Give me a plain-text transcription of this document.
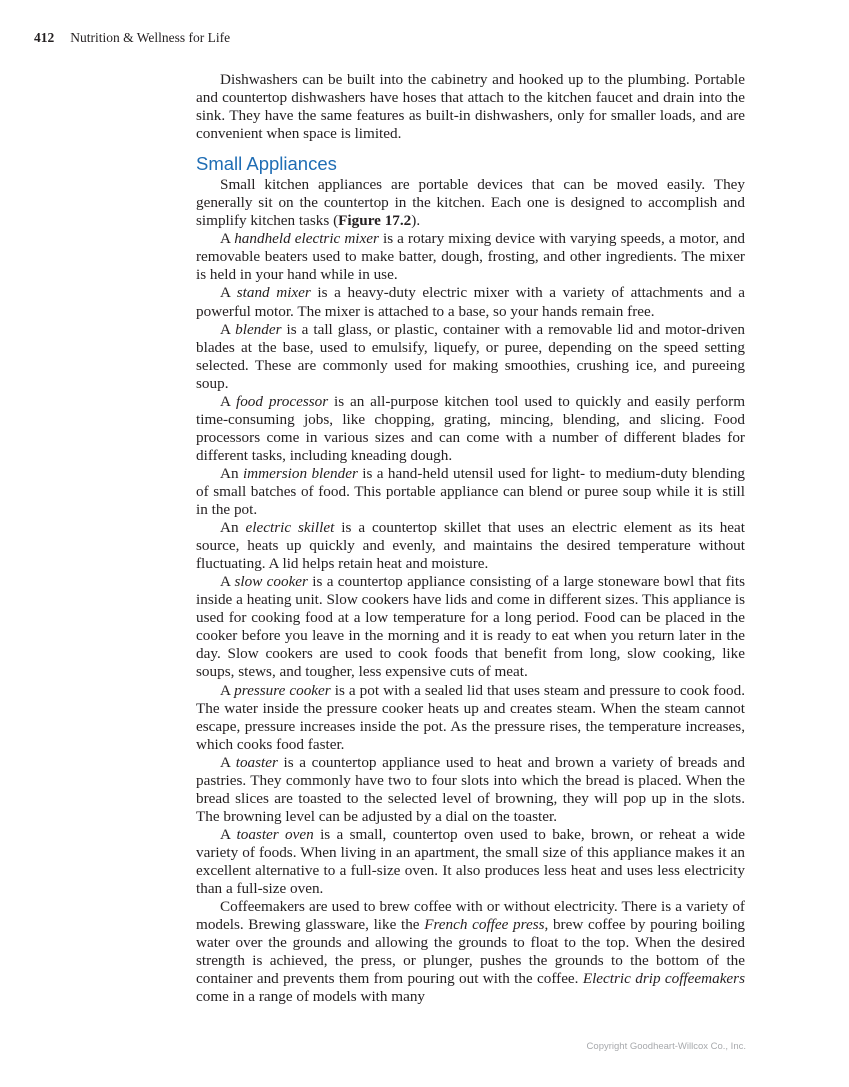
412 Nutrition & Wellness for Life

Dishwashers can be built into the cabinetry and hooked up to the plumbing. Portable and countertop dishwashers have hoses that attach to the kitchen faucet and drain into the sink. They have the same features as built-in dishwashers, only for smaller loads, and are convenient when space is limited.

Small Appliances

Small kitchen appliances are portable devices that can be moved easily. They generally sit on the countertop in the kitchen. Each one is designed to accomplish and simplify kitchen tasks (Figure 17.2).

A handheld electric mixer is a rotary mixing device with varying speeds, a motor, and removable beaters used to make batter, dough, frosting, and other ingredients. The mixer is held in your hand while in use.

A stand mixer is a heavy-duty electric mixer with a variety of attachments and a powerful motor. The mixer is attached to a base, so your hands remain free.

A blender is a tall glass, or plastic, container with a removable lid and motor-driven blades at the base, used to emulsify, liquefy, or puree, depending on the speed setting selected. These are commonly used for making smoothies, crushing ice, and pureeing soup.

A food processor is an all-purpose kitchen tool used to quickly and easily perform time-consuming jobs, like chopping, grating, mincing, blending, and slicing. Food processors come in various sizes and can come with a number of different blades for different tasks, including kneading dough.

An immersion blender is a hand-held utensil used for light- to medium-duty blending of small batches of food. This portable appliance can blend or puree soup while it is still in the pot.

An electric skillet is a countertop skillet that uses an electric element as its heat source, heats up quickly and evenly, and maintains the desired temperature without fluctuating. A lid helps retain heat and moisture.

A slow cooker is a countertop appliance consisting of a large stoneware bowl that fits inside a heating unit. Slow cookers have lids and come in different sizes. This appliance is used for cooking food at a low temperature for a long period. Food can be placed in the cooker before you leave in the morning and it is ready to eat when you return later in the day. Slow cookers are used to cook foods that benefit from long, slow cooking, like soups, stews, and tougher, less expensive cuts of meat.

A pressure cooker is a pot with a sealed lid that uses steam and pressure to cook food. The water inside the pressure cooker heats up and creates steam. When the steam cannot escape, pressure increases inside the pot. As the pressure rises, the temperature increases, which cooks food faster.

A toaster is a countertop appliance used to heat and brown a variety of breads and pastries. They commonly have two to four slots into which the bread is placed. When the bread slices are toasted to the selected level of browning, they will pop up in the slots. The browning level can be adjusted by a dial on the toaster.

A toaster oven is a small, countertop oven used to bake, brown, or reheat a wide variety of foods. When living in an apartment, the small size of this appliance makes it an excellent alternative to a full-size oven. It also produces less heat and uses less electricity than a full-size oven.

Coffeemakers are used to brew coffee with or without electricity. There is a variety of models. Brewing glassware, like the French coffee press, brew coffee by pouring boiling water over the grounds and allowing the grounds to float to the top. When the desired strength is achieved, the press, or plunger, pushes the grounds to the bottom of the container and prevents them from pouring out with the coffee. Electric drip coffeemakers come in a range of models with many

Copyright Goodheart-Willcox Co., Inc.
